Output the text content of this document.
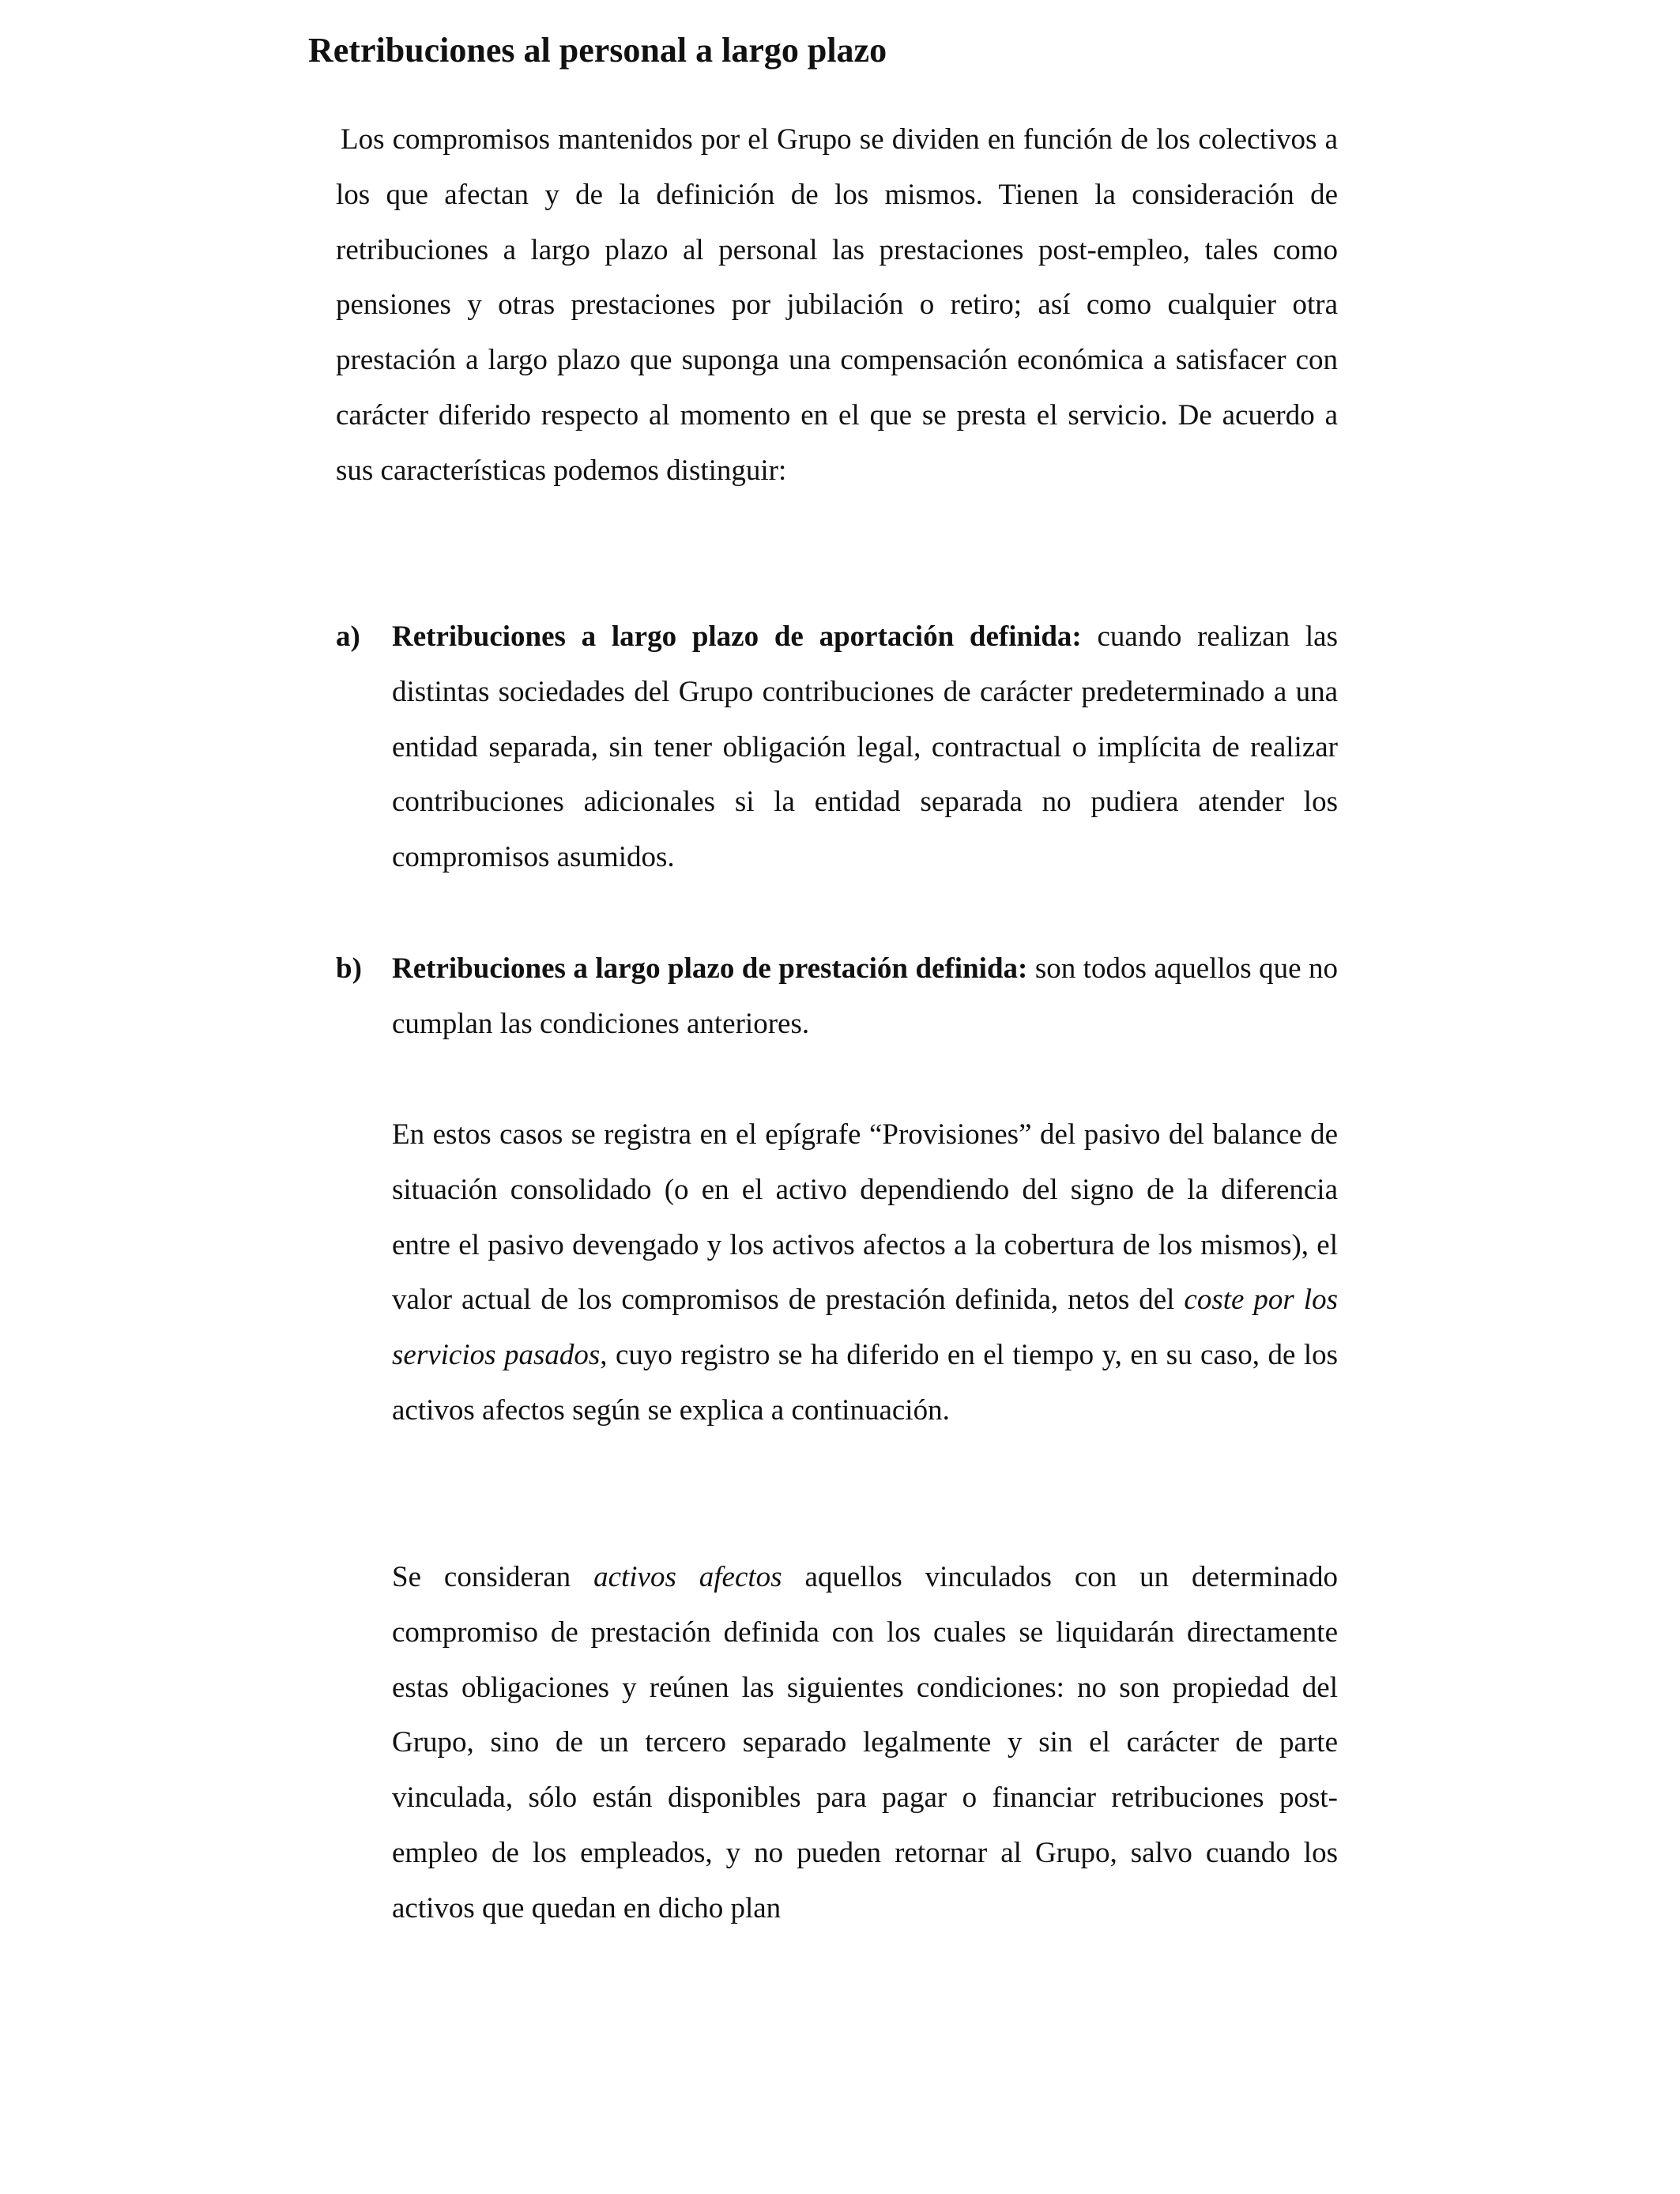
Retribuciones al personal a largo plazo

Los compromisos mantenidos por el Grupo se dividen en función de los colectivos a los que afectan y de la definición de los mismos. Tienen la consideración de retribuciones a largo plazo al personal las prestaciones post-empleo, tales como pensiones y otras prestaciones por jubilación o retiro; así como cualquier otra prestación a largo plazo que suponga una compensación económica a satisfacer con carácter diferido respecto al momento en el que se presta el servicio. De acuerdo a sus características podemos distinguir:

a) Retribuciones a largo plazo de aportación definida: cuando realizan las distintas sociedades del Grupo contribuciones de carácter predeterminado a una entidad separada, sin tener obligación legal, contractual o implícita de realizar contribuciones adicionales si la entidad separada no pudiera atender los compromisos asumidos.

b) Retribuciones a largo plazo de prestación definida: son todos aquellos que no cumplan las condiciones anteriores.

En estos casos se registra en el epígrafe “Provisiones” del pasivo del balance de situación consolidado (o en el activo dependiendo del signo de la diferencia entre el pasivo devengado y los activos afectos a la cobertura de los mismos), el valor actual de los compromisos de prestación definida, netos del coste por los servicios pasados, cuyo registro se ha diferido en el tiempo y, en su caso, de los activos afectos según se explica a continuación.

Se consideran activos afectos aquellos vinculados con un determinado compromiso de prestación definida con los cuales se liquidarán directamente estas obligaciones y reúnen las siguientes condiciones: no son propiedad del Grupo, sino de un tercero separado legalmente y sin el carácter de parte vinculada, sólo están disponibles para pagar o financiar retribuciones post-empleo de los empleados, y no pueden retornar al Grupo, salvo cuando los activos que quedan en dicho plan
